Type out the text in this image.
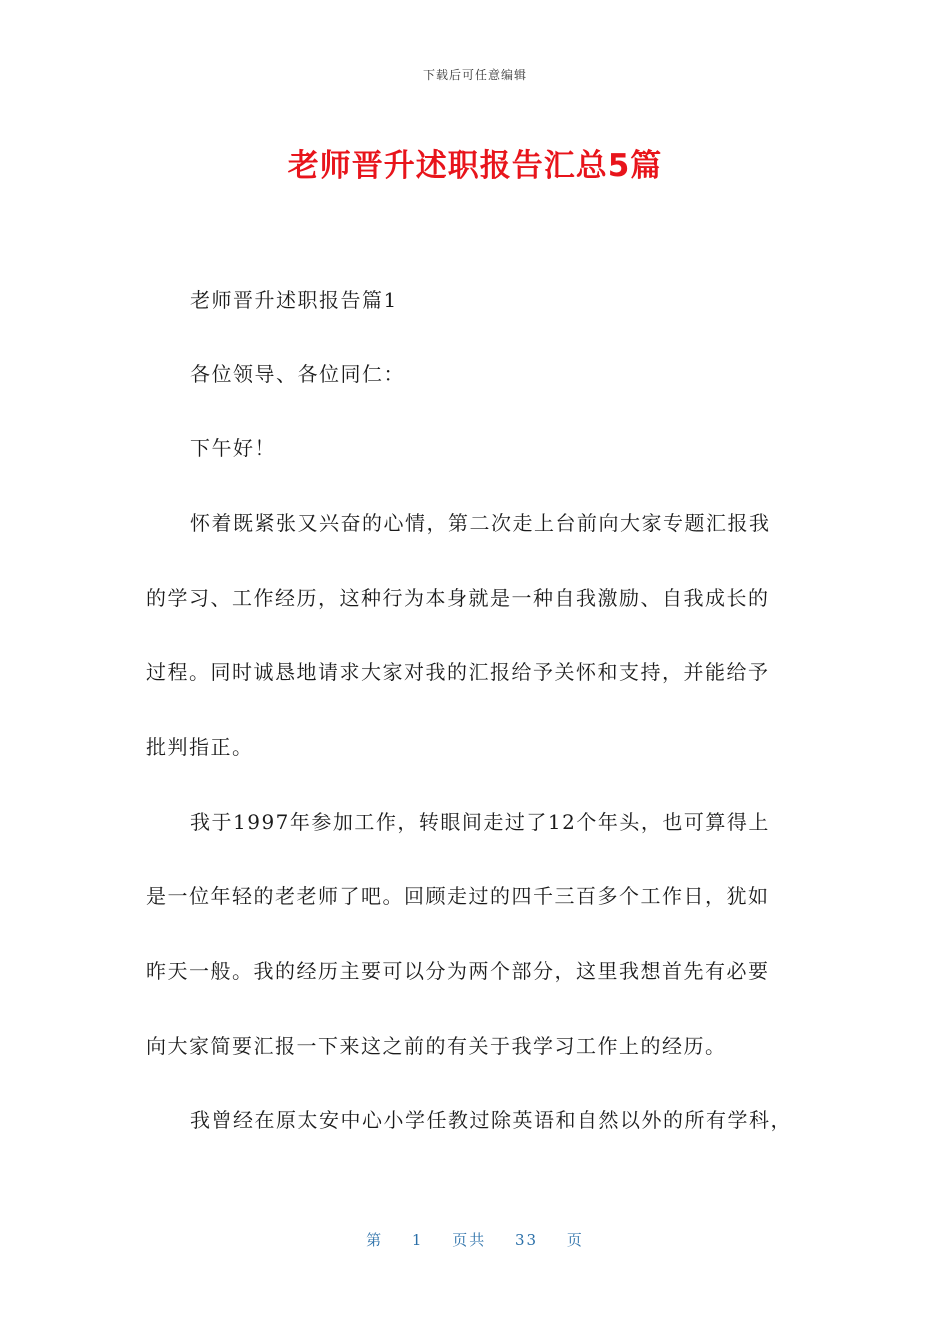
下载后可任意编辑
老师晋升述职报告汇总5篇
老师晋升述职报告篇1
各位领导、各位同仁：
下午好！
怀着既紧张又兴奋的心情，第二次走上台前向大家专题汇报我
的学习、工作经历，这种行为本身就是一种自我激励、自我成长的
过程。同时诚恳地请求大家对我的汇报给予关怀和支持，并能给予
批判指正。
我于1997年参加工作，转眼间走过了12个年头，也可算得上
是一位年轻的老老师了吧。回顾走过的四千三百多个工作日，犹如
昨天一般。我的经历主要可以分为两个部分，这里我想首先有必要
向大家简要汇报一下来这之前的有关于我学习工作上的经历。
我曾经在原太安中心小学任教过除英语和自然以外的所有学科，
第 1 页共 33 页
